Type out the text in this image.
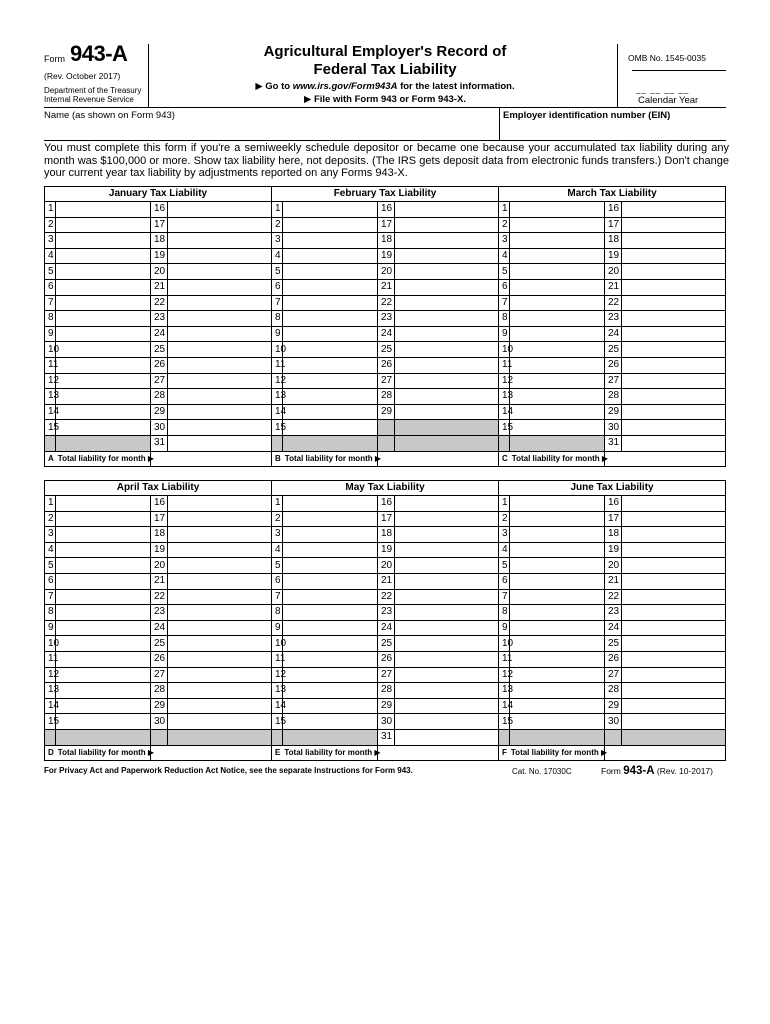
Form 943-A
(Rev. October 2017)
Department of the Treasury
Internal Revenue Service
Agricultural Employer's Record of
Federal Tax Liability
▶ Go to www.irs.gov/Form943A for the latest information.
▶ File with Form 943 or Form 943-X.
OMB No. 1545-0035
__ __ __ __
Calendar Year
Name (as shown on Form 943)	Employer identification number (EIN)
You must complete this form if you're a semiweekly schedule depositor or became one because your accumulated tax liability during any month was $100,000 or more. Show tax liability here, not deposits. (The IRS gets deposit data from electronic funds transfers.) Don't change your current year tax liability by adjustments reported on any Forms 943-X.
January Tax Liability			
1		16	
2		17	
3		18	
4		19	
5		20	
6		21	
7		22	
8		23	
9		24	
10		25	
11		26	
12		27	
13		28	
14		29	
15		30	
		31	
A Total liability for month ▶			
February Tax Liability			
1		16	
2		17	
3		18	
4		19	
5		20	
6		21	
7		22	
8		23	
9		24	
10		25	
11		26	
12		27	
13		28	
14		29	
15			

B Total liability for month ▶			
March Tax Liability			
1		16	
2		17	
3		18	
4		19	
5		20	
6		21	
7		22	
8		23	
9		24	
10		25	
11		26	
12		27	
13		28	
14		29	
15		30	
		31	
C Total liability for month ▶			
April Tax Liability			
1		16	
2		17	
3		18	
4		19	
5		20	
6		21	
7		22	
8		23	
9		24	
10		25	
11		26	
12		27	
13		28	
14		29	
15		30	

D Total liability for month ▶			
May Tax Liability			
1		16	
2		17	
3		18	
4		19	
5		20	
6		21	
7		22	
8		23	
9		24	
10		25	
11		26	
12		27	
13		28	
14		29	
15		30	
		31	
E Total liability for month ▶			
June Tax Liability			
1		16	
2		17	
3		18	
4		19	
5		20	
6		21	
7		22	
8		23	
9		24	
10		25	
11		26	
12		27	
13		28	
14		29	
15		30	

F Total liability for month ▶			
For Privacy Act and Paperwork Reduction Act Notice, see the separate Instructions for Form 943.	Cat. No. 17030C	Form 943-A (Rev. 10-2017)
